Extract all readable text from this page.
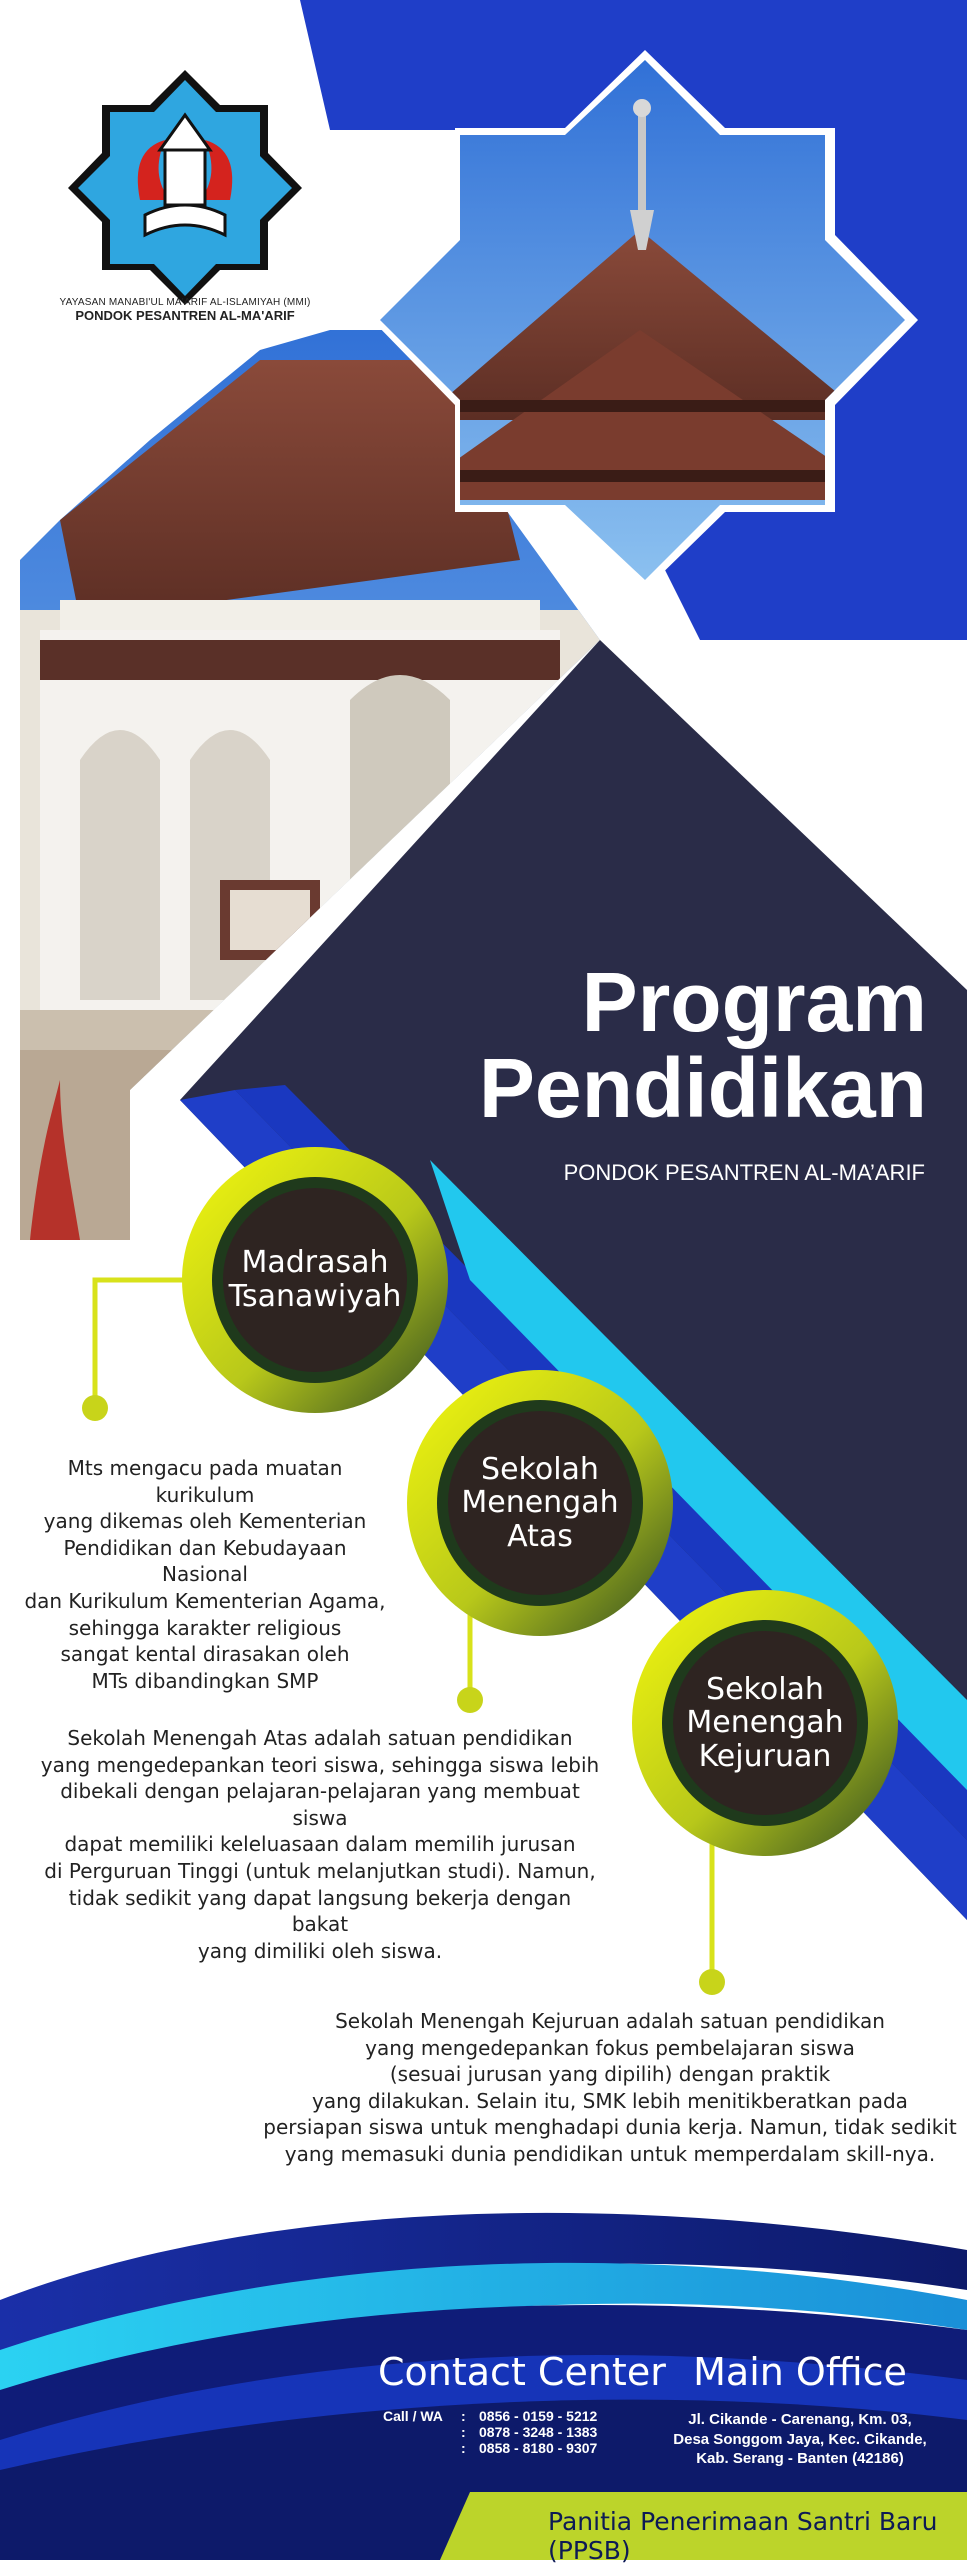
YAYASAN MANABI'UL MA'ARIF AL-ISLAMIYAH (MMI)
PONDOK PESANTREN AL-MA'ARIF
Program
Pendidikan
PONDOK PESANTREN AL-MA’ARIF
Madrasah
Tsanawiyah
Sekolah
Menengah
Atas
Sekolah
Menengah
Kejuruan
Mts mengacu pada muatan kurikulum
yang dikemas oleh Kementerian
Pendidikan dan Kebudayaan Nasional
dan Kurikulum Kementerian Agama,
sehingga karakter religious
sangat kental dirasakan oleh
MTs dibandingkan SMP
Sekolah Menengah Atas adalah satuan pendidikan
yang mengedepankan teori siswa, sehingga siswa lebih
dibekali dengan pelajaran-pelajaran yang membuat siswa
dapat memiliki keleluasaan dalam memilih jurusan
di Perguruan Tinggi (untuk melanjutkan studi). Namun,
tidak sedikit yang dapat langsung bekerja dengan bakat
yang dimiliki oleh siswa.
Sekolah Menengah Kejuruan adalah satuan pendidikan
yang mengedepankan fokus pembelajaran siswa
(sesuai jurusan yang dipilih) dengan praktik
yang dilakukan. Selain itu, SMK lebih menitikberatkan pada
persiapan siswa untuk menghadapi dunia kerja. Namun, tidak sedikit
yang memasuki dunia pendidikan untuk memperdalam skill-nya.
Contact Center
Call / WA	: 0856 - 0159 - 5212
: 0878 - 3248 - 1383
: 0858 - 8180 - 9307
Main Office
Jl. Cikande - Carenang, Km. 03,
Desa Songgom Jaya, Kec. Cikande,
Kab. Serang - Banten (42186)
Panitia Penerimaan Santri Baru (PPSB)
